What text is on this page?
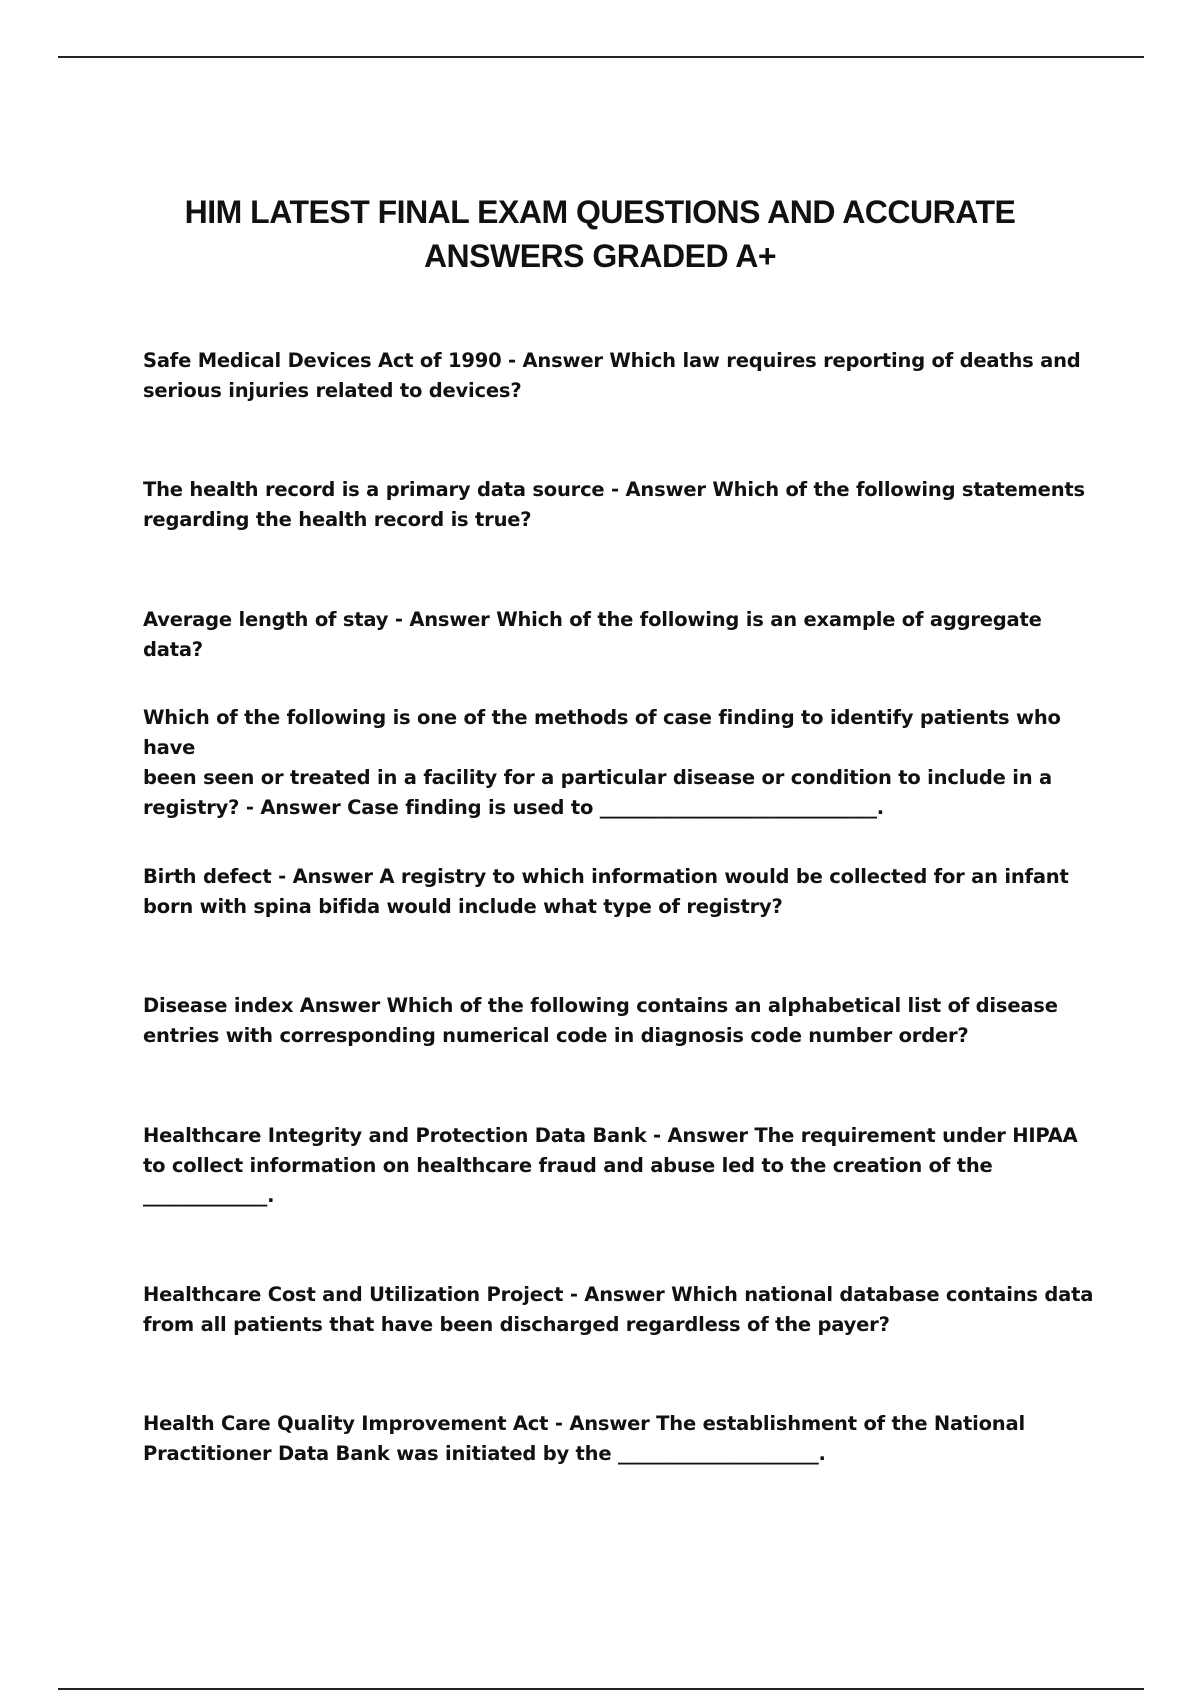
HIM LATEST FINAL EXAM QUESTIONS AND ACCURATE
ANSWERS GRADED A+

Safe Medical Devices Act of 1990 - Answer Which law requires reporting of deaths and
serious injuries related to devices?

The health record is a primary data source - Answer Which of the following statements
regarding the health record is true?

Average length of stay - Answer Which of the following is an example of aggregate data?

Which of the following is one of the methods of case finding to identify patients who have
been seen or treated in a facility for a particular disease or condition to include in a
registry? - Answer Case finding is used to _____________________________.

Birth defect - Answer A registry to which information would be collected for an infant
born with spina bifida would include what type of registry?

Disease index Answer Which of the following contains an alphabetical list of disease
entries with corresponding numerical code in diagnosis code number order?

Healthcare Integrity and Protection Data Bank - Answer The requirement under HIPAA
to collect information on healthcare fraud and abuse led to the creation of the
_____________.

Healthcare Cost and Utilization Project - Answer Which national database contains data
from all patients that have been discharged regardless of the payer?

Health Care Quality Improvement Act - Answer The establishment of the National
Practitioner Data Bank was initiated by the _____________________.
